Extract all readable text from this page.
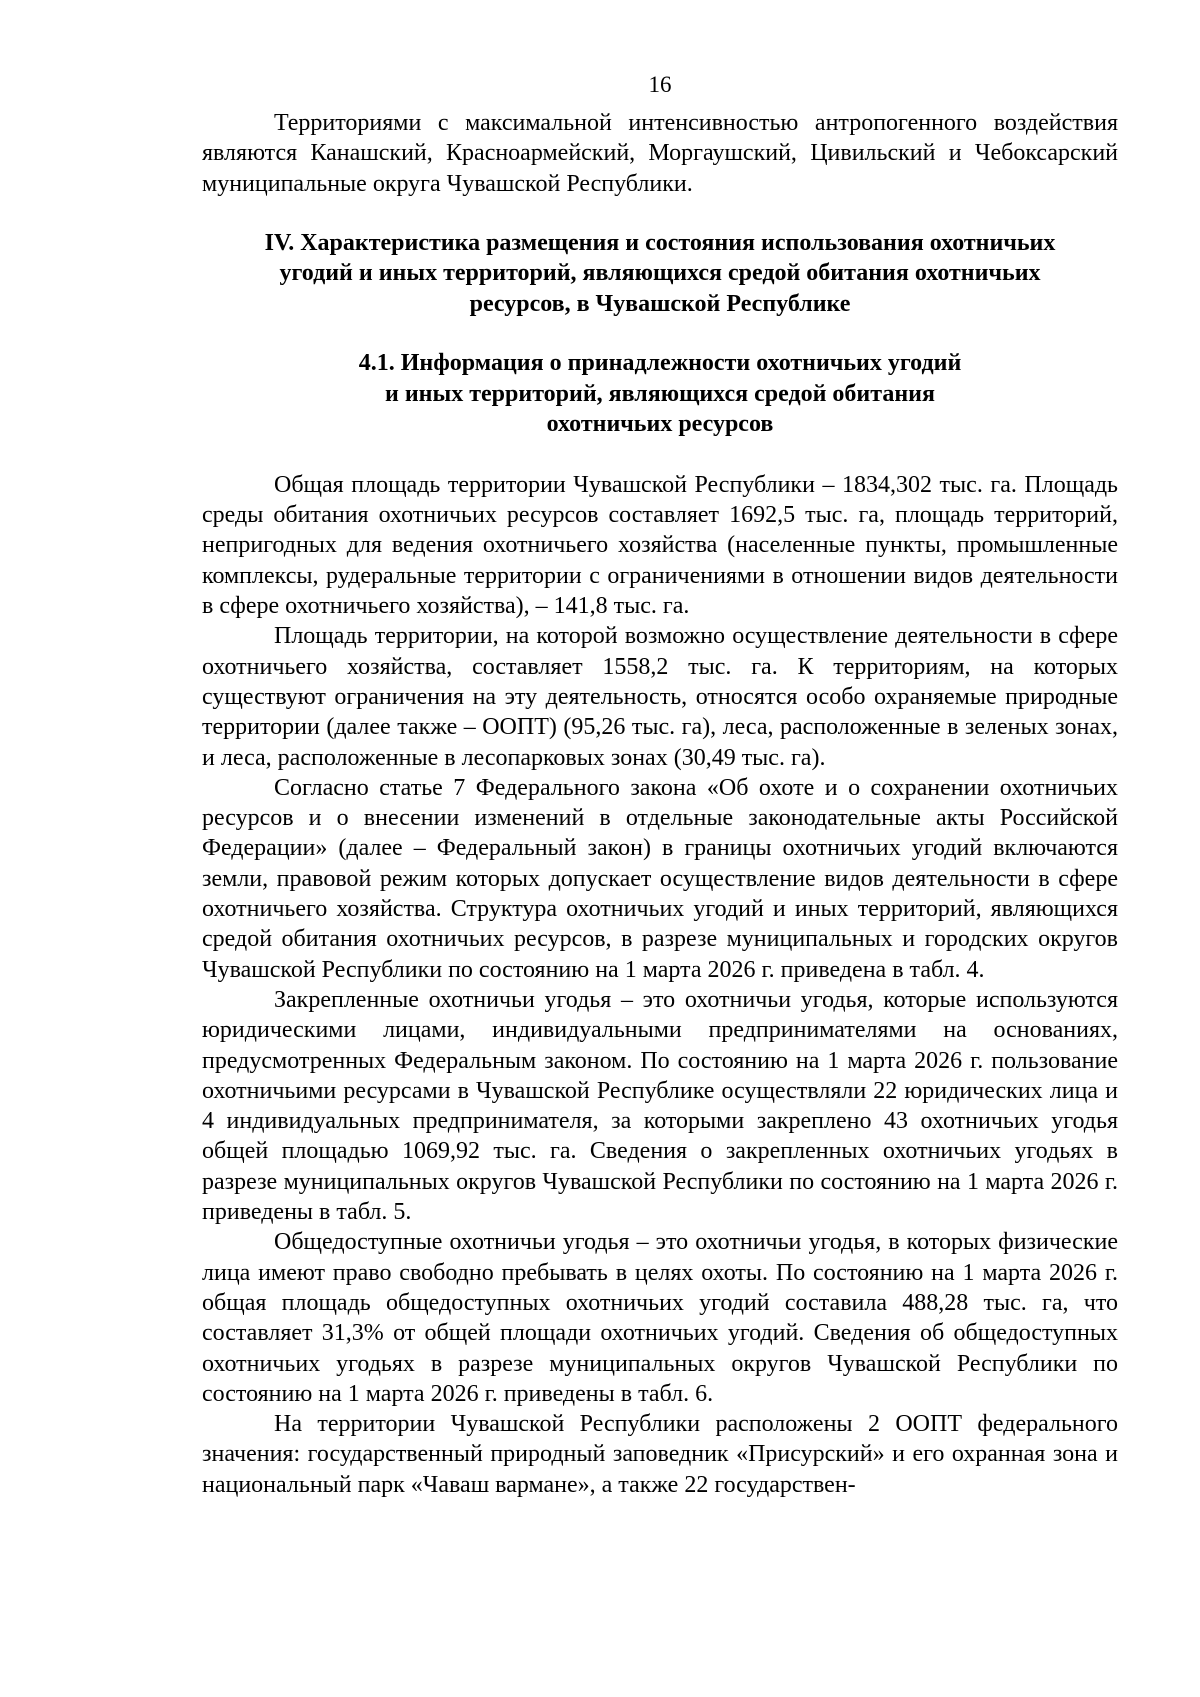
16

Территориями с максимальной интенсивностью антропогенного воздействия являются Канашский, Красноармейский, Моргаушский, Цивильский и Чебоксарский муниципальные округа Чувашской Республики.

IV. Характеристика размещения и состояния использования охотничьих
угодий и иных территорий, являющихся средой обитания охотничьих
ресурсов, в Чувашской Республике
4.1. Информация о принадлежности охотничьих угодий
и иных территорий, являющихся средой обитания
охотничьих ресурсов

Общая площадь территории Чувашской Республики – 1834,302 тыс. га. Площадь среды обитания охотничьих ресурсов составляет 1692,5 тыс. га, площадь территорий, непригодных для ведения охотничьего хозяйства (населенные пункты, промышленные комплексы, рудеральные территории с ограничениями в отношении видов деятельности в сфере охотничьего хозяйства), – 141,8 тыс. га.

Площадь территории, на которой возможно осуществление деятельности в сфере охотничьего хозяйства, составляет 1558,2 тыс. га. К территориям, на которых существуют ограничения на эту деятельность, относятся особо охраняемые природные территории (далее также – ООПТ) (95,26 тыс. га), леса, расположенные в зеленых зонах, и леса, расположенные в лесопарковых зонах (30,49 тыс. га).

Согласно статье 7 Федерального закона «Об охоте и о сохранении охотничьих ресурсов и о внесении изменений в отдельные законодательные акты Российской Федерации» (далее – Федеральный закон) в границы охотничьих угодий включаются земли, правовой режим которых допускает осуществление видов деятельности в сфере охотничьего хозяйства. Структура охотничьих угодий и иных территорий, являющихся средой обитания охотничьих ресурсов, в разрезе муниципальных и городских округов Чувашской Республики по состоянию на 1 марта 2026 г. приведена в табл. 4.

Закрепленные охотничьи угодья – это охотничьи угодья, которые используются юридическими лицами, индивидуальными предпринимателями на основаниях, предусмотренных Федеральным законом. По состоянию на 1 марта 2026 г. пользование охотничьими ресурсами в Чувашской Республике осуществляли 22 юридических лица и 4 индивидуальных предпринимателя, за которыми закреплено 43 охотничьих угодья общей площадью 1069,92 тыс. га. Сведения о закрепленных охотничьих угодьях в разрезе муниципальных округов Чувашской Республики по состоянию на 1 марта 2026 г. приведены в табл. 5.

Общедоступные охотничьи угодья – это охотничьи угодья, в которых физические лица имеют право свободно пребывать в целях охоты. По состоянию на 1 марта 2026 г. общая площадь общедоступных охотничьих угодий составила 488,28 тыс. га, что составляет 31,3% от общей площади охотничьих угодий. Сведения об общедоступных охотничьих угодьях в разрезе муниципальных округов Чувашской Республики по состоянию на 1 марта 2026 г. приведены в табл. 6.

На территории Чувашской Республики расположены 2 ООПТ федерального значения: государственный природный заповедник «Присурский» и его охранная зона и национальный парк «Чаваш вармане», а также 22 государствен-
